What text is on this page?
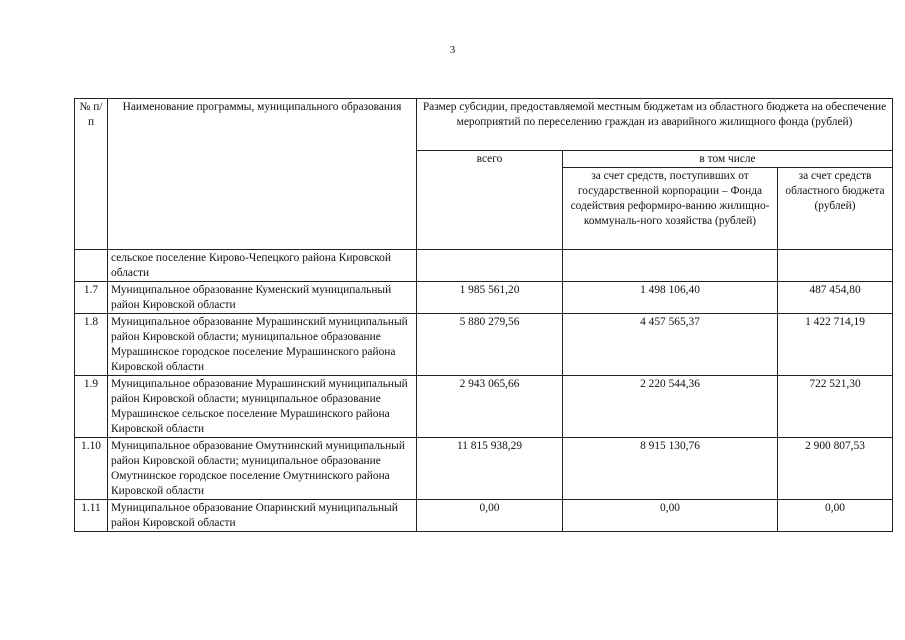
3
№ п/п	Наименование программы, муниципального образования	Размер субсидии, предоставляемой местным бюджетам из областного бюджета на обеспечение мероприятий по переселению граждан из аварийного жилищного фонда (рублей)		
		всего	в том числе	
			за счет средств, поступивших от государственной корпорации – Фонда содействия реформиро-ванию жилищно-коммуналь-ного хозяйства (рублей)	за счет средств областного бюджета (рублей)
	сельское поселение Кирово-Чепецкого района Кировской области			
1.7	Муниципальное образование Куменский муниципальный район Кировской области	1 985 561,20	1 498 106,40	487 454,80
1.8	Муниципальное образование Мурашинский муниципальный район Кировской области; муниципальное образование Мурашинское городское поселение Мурашинского района Кировской области	5 880 279,56	4 457 565,37	1 422 714,19
1.9	Муниципальное образование Мурашинский муниципальный район Кировской области; муниципальное образование Мурашинское сельское поселение Мурашинского района Кировской области	2 943 065,66	2 220 544,36	722 521,30
1.10	Муниципальное образование Омутнинский муниципальный район Кировской области; муниципальное образование Омутнинское городское поселение Омутнинского района Кировской области	11 815 938,29	8 915 130,76	2 900 807,53
1.11	Муниципальное образование Опаринский муниципальный район Кировской области	0,00	0,00	0,00
